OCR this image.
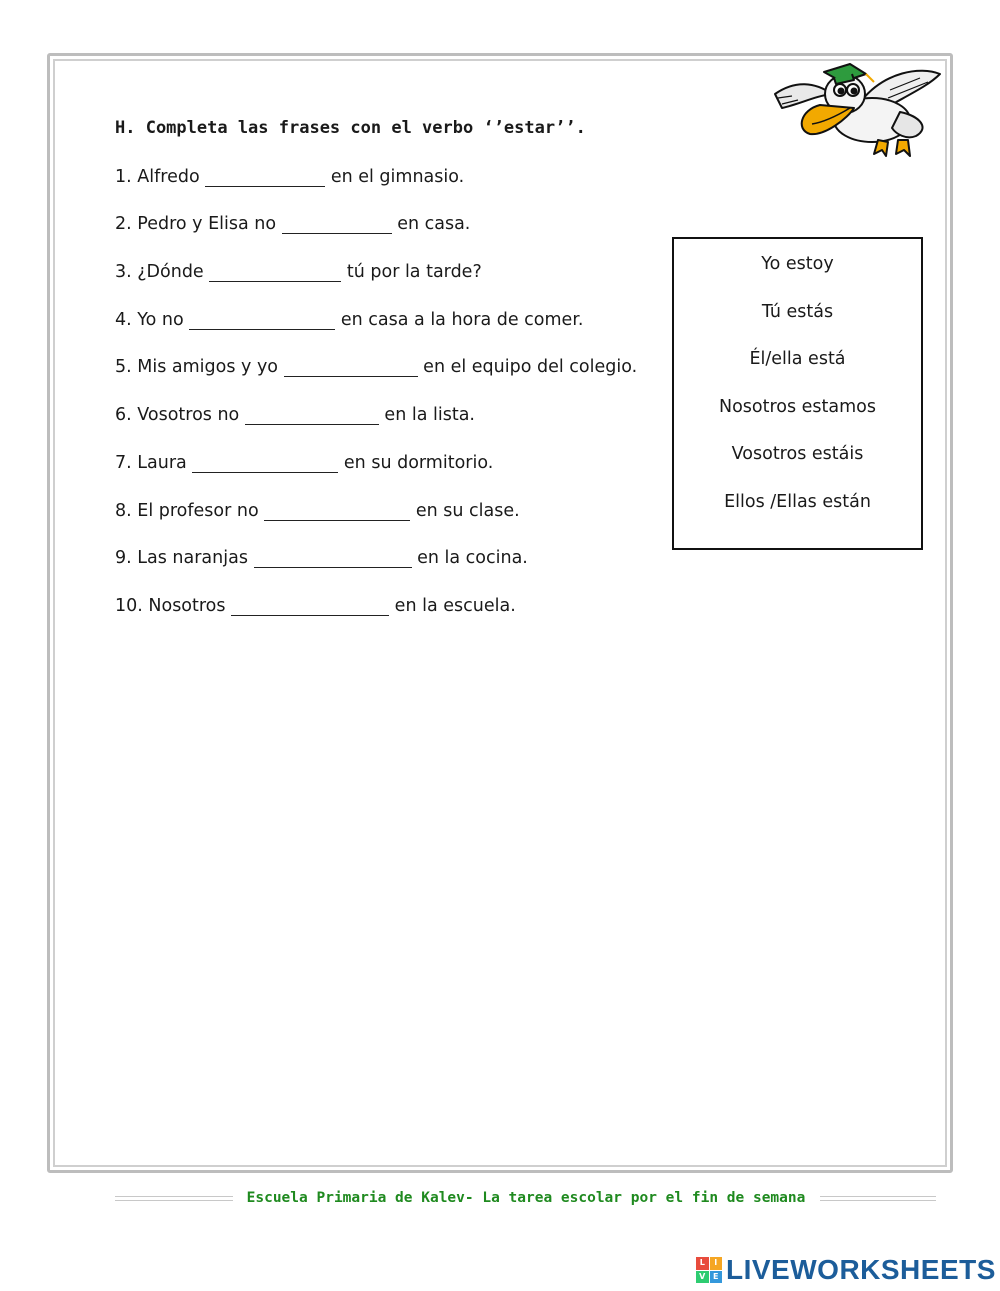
H. Completa las frases con el verbo ‘’estar’’.
1. Alfredo	en el gimnasio.
2. Pedro y Elisa no	en casa.
3. ¿Dónde	tú por la tarde?
4. Yo no	en casa a la hora de comer.
5. Mis amigos y yo	en el equipo del colegio.
6. Vosotros no	en la lista.
7. Laura	en su dormitorio.
8. El profesor no	en su clase.
9. Las naranjas	en la cocina.
10. Nosotros	en la escuela.
Yo estoy
Tú estás
Él/ella está
Nosotros estamos
Vosotros estáis
Ellos /Ellas están
Escuela Primaria de Kalev- La tarea escolar por el fin de semana
L	I
V E LIVEWORKSHEETS
